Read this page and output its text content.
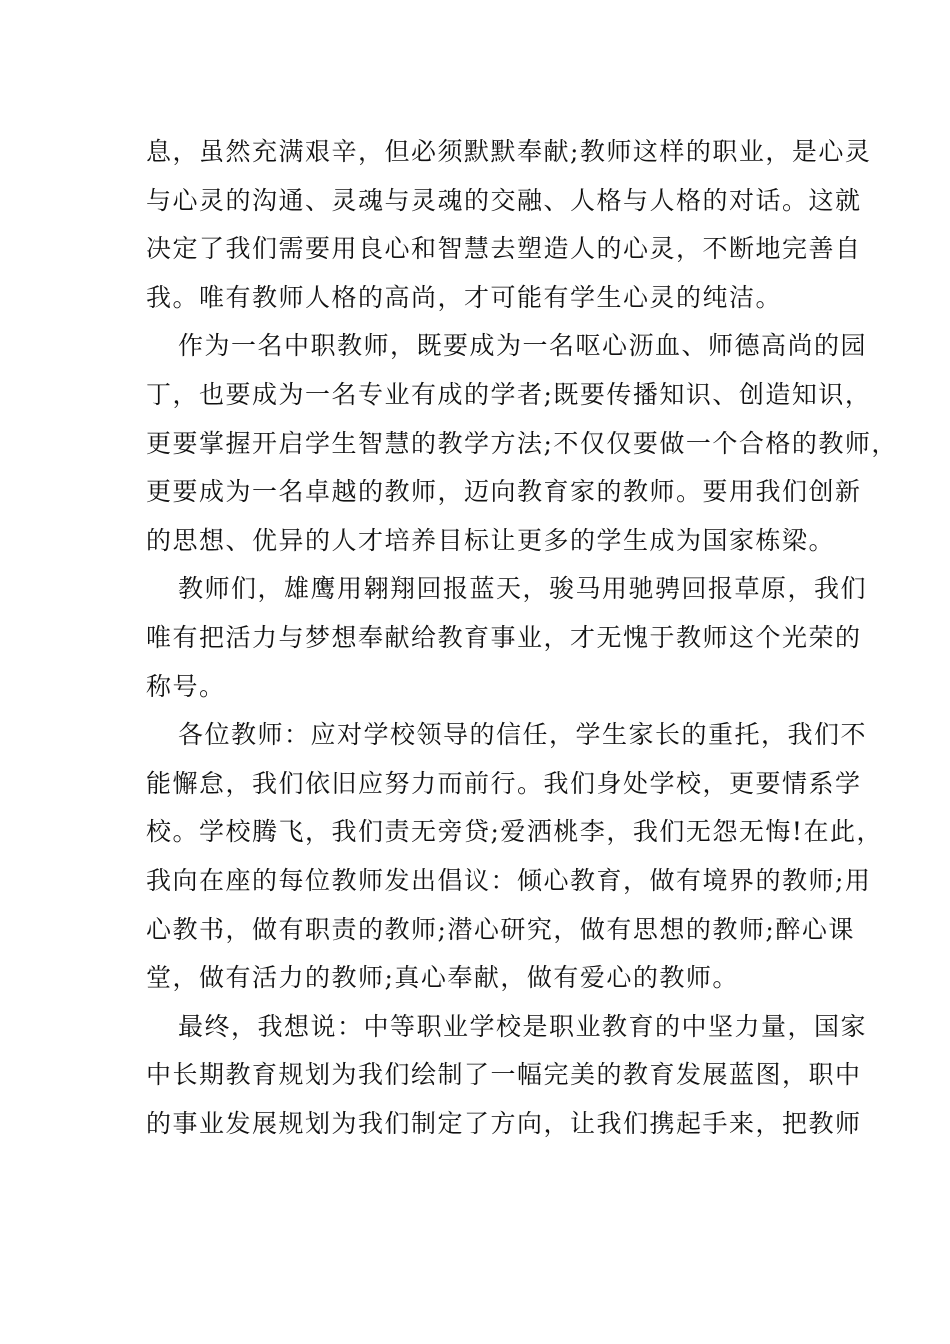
息，虽然充满艰辛，但必须默默奉献;教师这样的职业，是心灵
与心灵的沟通、灵魂与灵魂的交融、人格与人格的对话。这就
决定了我们需要用良心和智慧去塑造人的心灵，不断地完善自
我。唯有教师人格的高尚，才可能有学生心灵的纯洁。
作为一名中职教师，既要成为一名呕心沥血、师德高尚的园
丁，也要成为一名专业有成的学者;既要传播知识、创造知识，
更要掌握开启学生智慧的教学方法;不仅仅要做一个合格的教师，
更要成为一名卓越的教师，迈向教育家的教师。要用我们创新
的思想、优异的人才培养目标让更多的学生成为国家栋梁。
教师们，雄鹰用翱翔回报蓝天，骏马用驰骋回报草原，我们
唯有把活力与梦想奉献给教育事业，才无愧于教师这个光荣的
称号。
各位教师：应对学校领导的信任，学生家长的重托，我们不
能懈怠，我们依旧应努力而前行。我们身处学校，更要情系学
校。学校腾飞，我们责无旁贷;爱洒桃李，我们无怨无悔!在此，
我向在座的每位教师发出倡议：倾心教育，做有境界的教师;用
心教书，做有职责的教师;潜心研究，做有思想的教师;醉心课
堂，做有活力的教师;真心奉献，做有爱心的教师。
最终，我想说：中等职业学校是职业教育的中坚力量，国家
中长期教育规划为我们绘制了一幅完美的教育发展蓝图，职中
的事业发展规划为我们制定了方向，让我们携起手来，把教师
